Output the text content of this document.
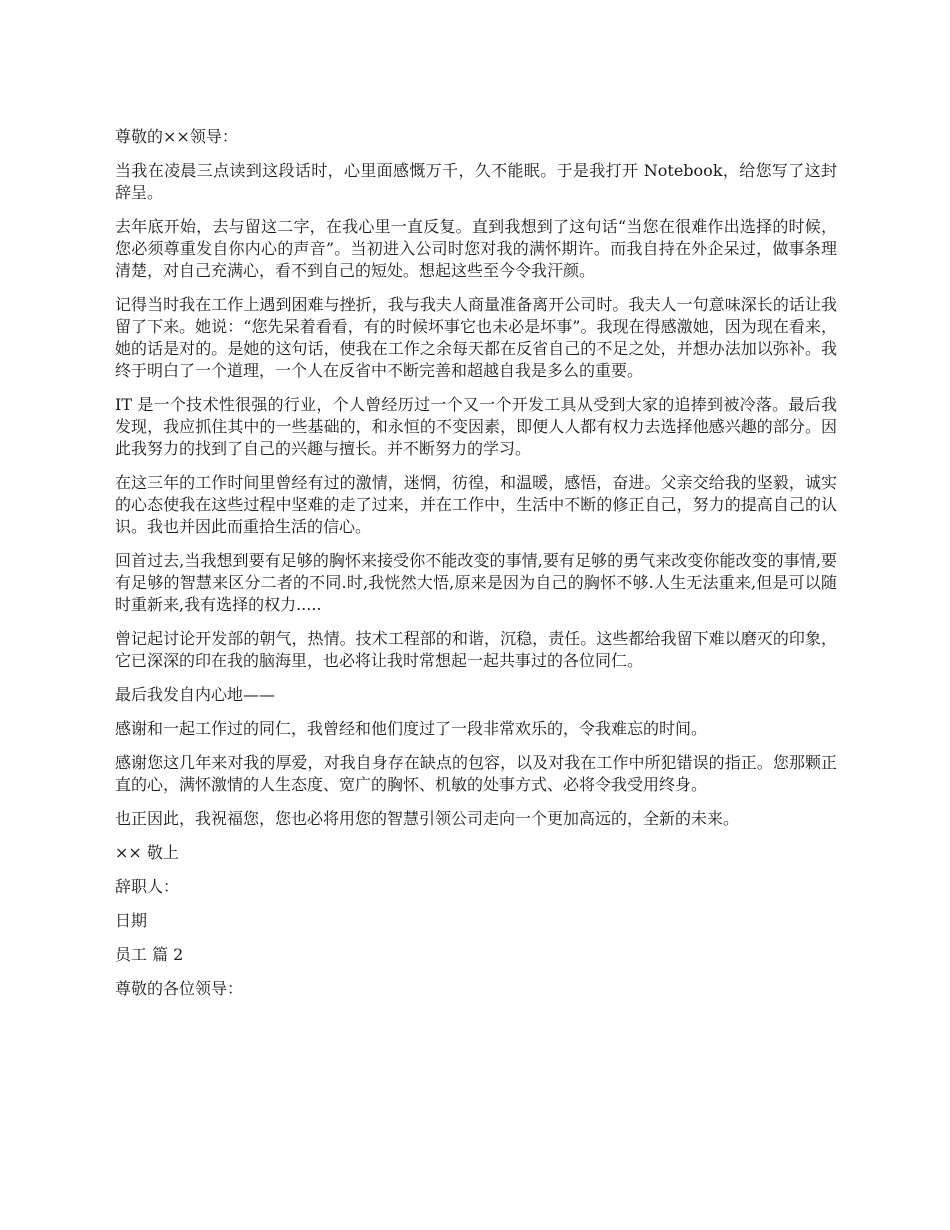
尊敬的××领导：

当我在凌晨三点读到这段话时，心里面感慨万千，久不能眠。于是我打开 Notebook，给您写了这封辞呈。

去年底开始，去与留这二字，在我心里一直反复。直到我想到了这句话“当您在很难作出选择的时候，您必须尊重发自你内心的声音”。当初进入公司时您对我的满怀期许。而我自持在外企呆过，做事条理清楚，对自己充满心，看不到自己的短处。想起这些至今令我汗颜。

记得当时我在工作上遇到困难与挫折，我与我夫人商量准备离开公司时。我夫人一句意味深长的话让我留了下来。她说：“您先呆着看看，有的时候坏事它也未必是坏事”。我现在得感激她，因为现在看来，她的话是对的。是她的这句话，使我在工作之余每天都在反省自己的不足之处，并想办法加以弥补。我终于明白了一个道理，一个人在反省中不断完善和超越自我是多么的重要。

IT 是一个技术性很强的行业，个人曾经历过一个又一个开发工具从受到大家的追捧到被冷落。最后我发现，我应抓住其中的一些基础的，和永恒的不变因素，即便人人都有权力去选择他感兴趣的部分。因此我努力的找到了自己的兴趣与擅长。并不断努力的学习。

在这三年的工作时间里曾经有过的激情，迷惘，彷徨，和温暖，感悟，奋进。父亲交给我的坚毅，诚实的心态使我在这些过程中坚难的走了过来，并在工作中，生活中不断的修正自己，努力的提高自己的认识。我也并因此而重拾生活的信心。

回首过去,当我想到要有足够的胸怀来接受你不能改变的事情,要有足够的勇气来改变你能改变的事情,要有足够的智慧来区分二者的不同.时,我恍然大悟,原来是因为自己的胸怀不够.人生无法重来,但是可以随时重新来,我有选择的权力.....

曾记起讨论开发部的朝气，热情。技术工程部的和谐，沉稳，责任。这些都给我留下难以磨灭的印象，它已深深的印在我的脑海里，也必将让我时常想起一起共事过的各位同仁。

最后我发自内心地——

感谢和一起工作过的同仁，我曾经和他们度过了一段非常欢乐的，令我难忘的时间。

感谢您这几年来对我的厚爱，对我自身存在缺点的包容，以及对我在工作中所犯错误的指正。您那颗正直的心，满怀激情的人生态度、宽广的胸怀、机敏的处事方式、必将令我受用终身。

也正因此，我祝福您，您也必将用您的智慧引领公司走向一个更加高远的，全新的未来。

×× 敬上

辞职人：

日期

员工 篇 2

尊敬的各位领导：
